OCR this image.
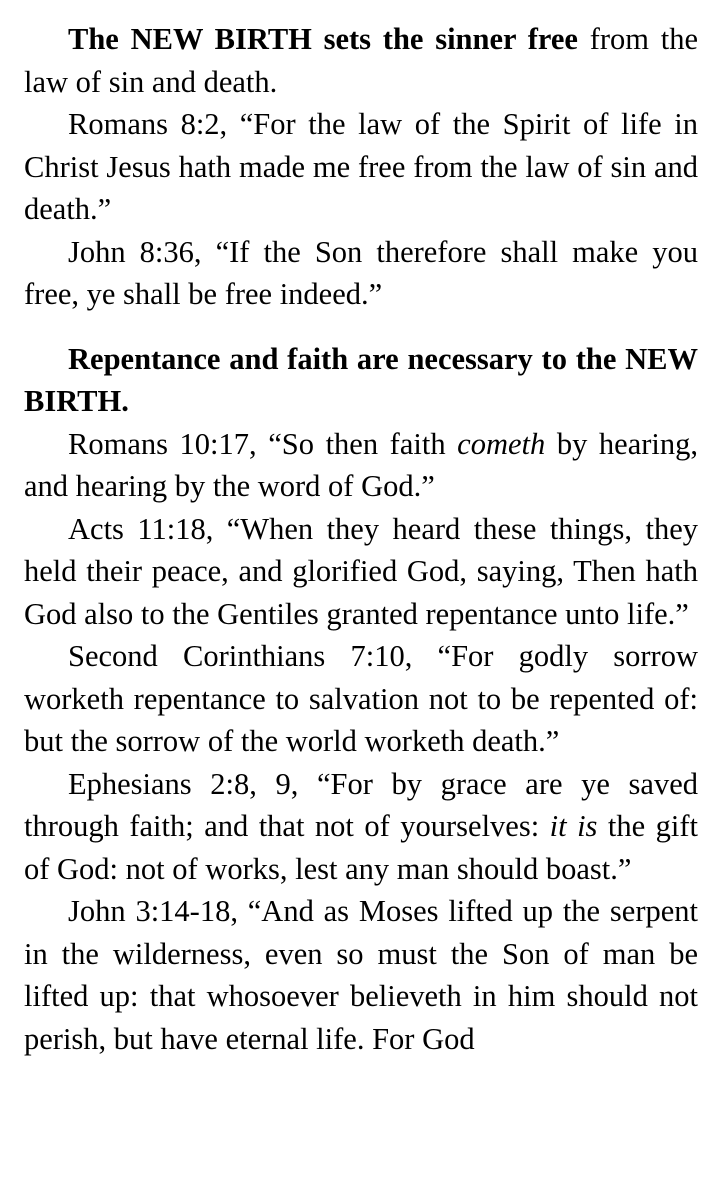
The NEW BIRTH sets the sinner free from the law of sin and death.

Romans 8:2, “For the law of the Spirit of life in Christ Jesus hath made me free from the law of sin and death.”

John 8:36, “If the Son therefore shall make you free, ye shall be free indeed.”

Repentance and faith are necessary to the NEW BIRTH.

Romans 10:17, “So then faith cometh by hearing, and hearing by the word of God.”

Acts 11:18, “When they heard these things, they held their peace, and glorified God, saying, Then hath God also to the Gentiles granted repentance unto life.”

Second Corinthians 7:10, “For godly sorrow worketh repentance to salvation not to be repented of: but the sorrow of the world worketh death.”

Ephesians 2:8, 9, “For by grace are ye saved through faith; and that not of yourselves: it is the gift of God: not of works, lest any man should boast.”

John 3:14-18, “And as Moses lifted up the serpent in the wilderness, even so must the Son of man be lifted up: that whosoever believeth in him should not perish, but have eternal life. For God
